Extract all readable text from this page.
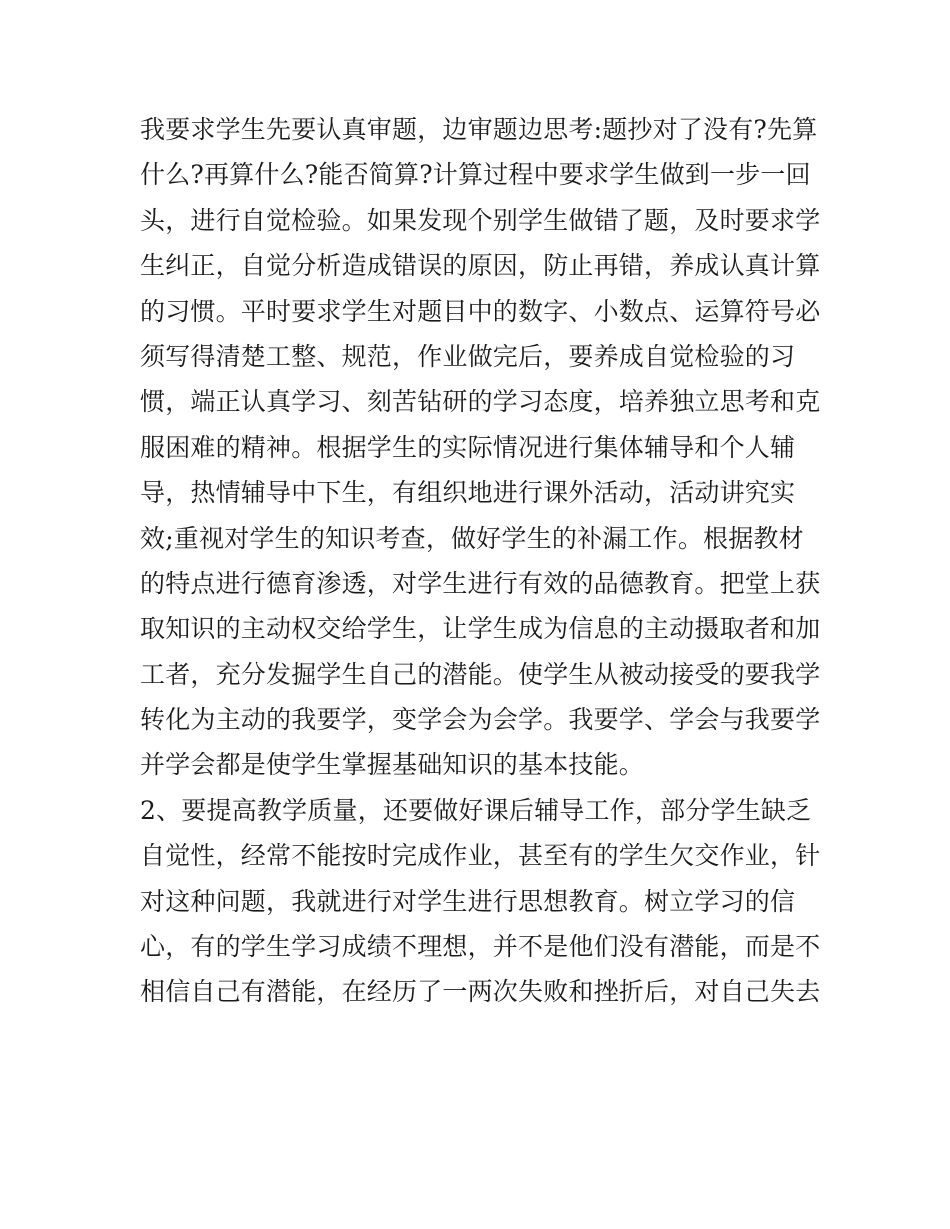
我要求学生先要认真审题，边审题边思考:题抄对了没有?先算
什么?再算什么?能否简算?计算过程中要求学生做到一步一回
头，进行自觉检验。如果发现个别学生做错了题，及时要求学
生纠正，自觉分析造成错误的原因，防止再错，养成认真计算
的习惯。平时要求学生对题目中的数字、小数点、运算符号必
须写得清楚工整、规范，作业做完后，要养成自觉检验的习
惯，端正认真学习、刻苦钻研的学习态度，培养独立思考和克
服困难的精神。根据学生的实际情况进行集体辅导和个人辅
导，热情辅导中下生，有组织地进行课外活动，活动讲究实
效;重视对学生的知识考查，做好学生的补漏工作。根据教材
的特点进行德育渗透，对学生进行有效的品德教育。把堂上获
取知识的主动权交给学生，让学生成为信息的主动摄取者和加
工者，充分发掘学生自己的潜能。使学生从被动接受的要我学
转化为主动的我要学，变学会为会学。我要学、学会与我要学
并学会都是使学生掌握基础知识的基本技能。
2、要提高教学质量，还要做好课后辅导工作，部分学生缺乏
自觉性，经常不能按时完成作业，甚至有的学生欠交作业，针
对这种问题，我就进行对学生进行思想教育。树立学习的信
心，有的学生学习成绩不理想，并不是他们没有潜能，而是不
相信自己有潜能，在经历了一两次失败和挫折后，对自己失去
